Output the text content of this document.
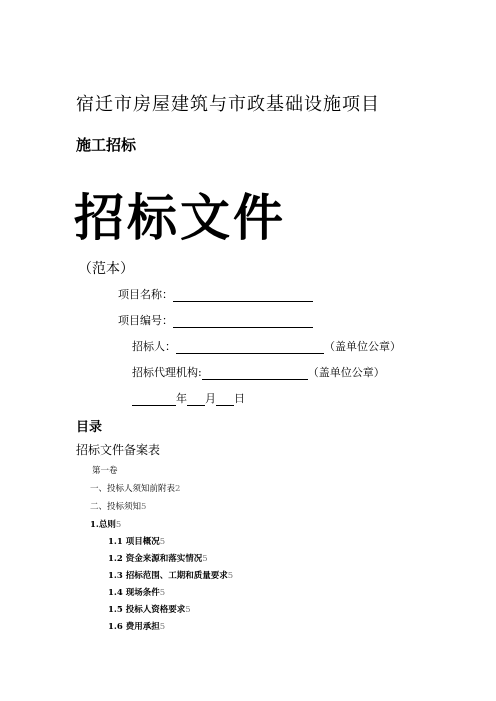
宿迁市房屋建筑与市政基础设施项目
施工招标
招标文件
（范本）
项目名称：
项目编号：
招标人：	（盖单位公章）
招标代理机构:	（盖单位公章）
年 月 日
目录
招标文件备案表
第一卷
一、投标人须知前附表2
二、投标须知5
1.总则5
1.1 项目概况5
1.2 资金来源和落实情况5
1.3 招标范围、工期和质量要求5
1.4 现场条件5
1.5 投标人资格要求5
1.6 费用承担5
